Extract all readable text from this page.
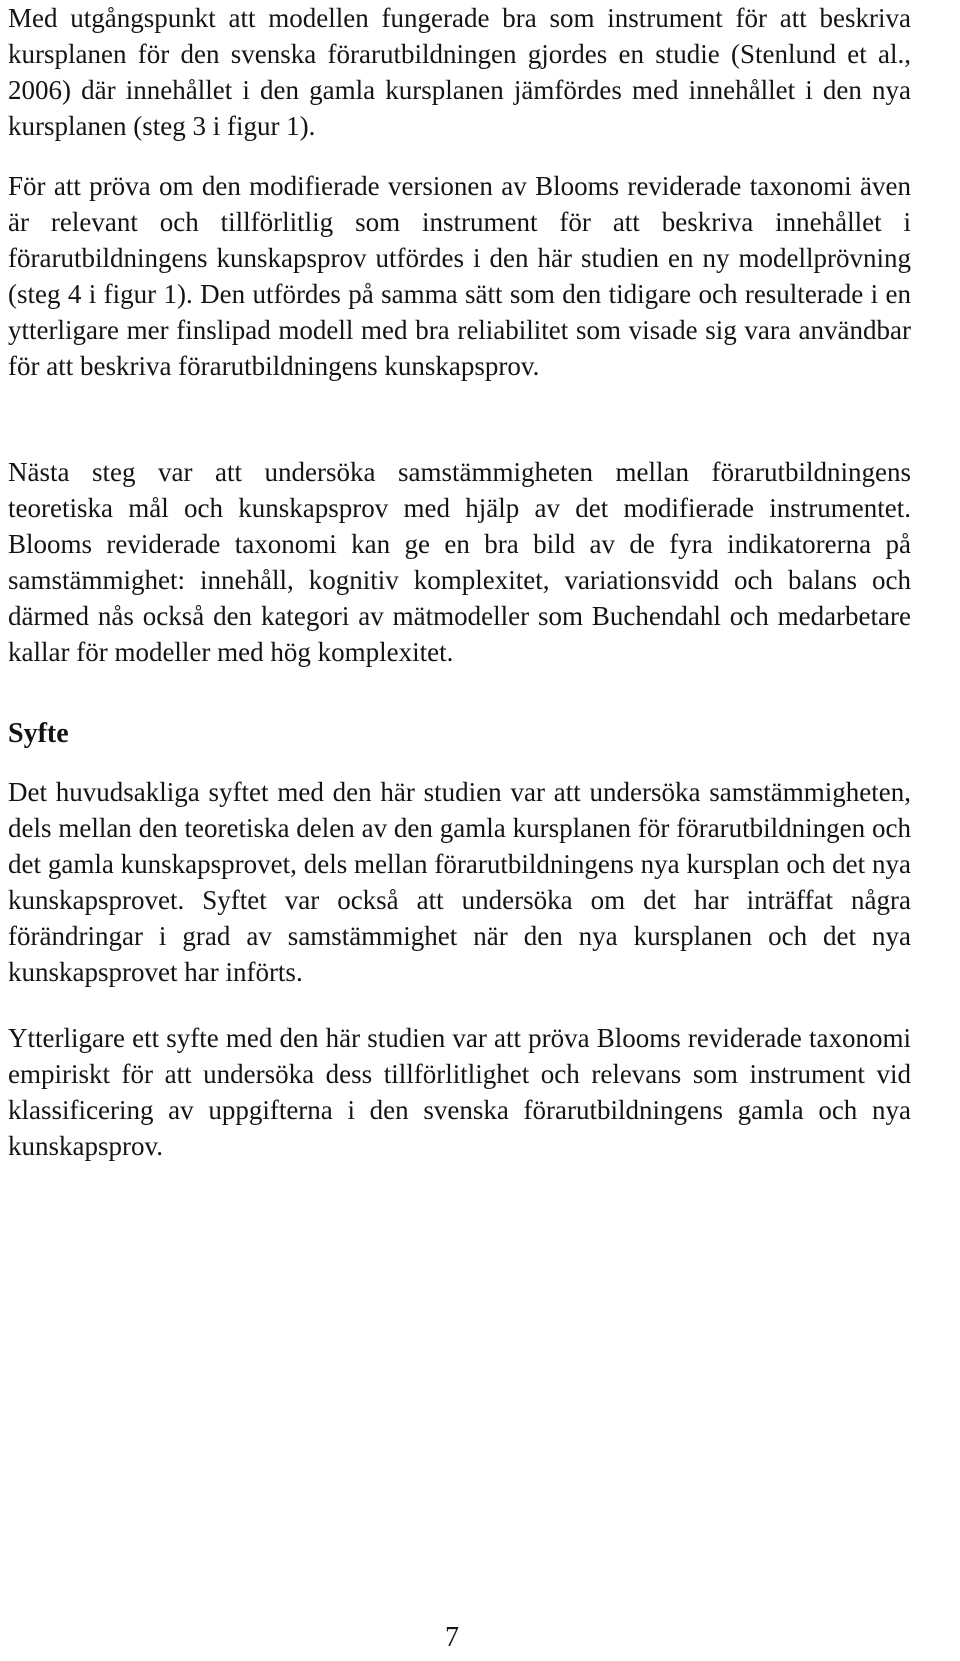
Med utgångspunkt att modellen fungerade bra som instrument för att beskriva kursplanen för den svenska förarutbildningen gjordes en studie (Stenlund et al., 2006) där innehållet i den gamla kursplanen jämfördes med innehållet i den nya kursplanen (steg 3 i figur 1).

För att pröva om den modifierade versionen av Blooms reviderade taxonomi även är relevant och tillförlitlig som instrument för att beskriva innehållet i förarutbildningens kunskapsprov utfördes i den här studien en ny modellprövning (steg 4 i figur 1). Den utfördes på samma sätt som den tidigare och resulterade i en ytterligare mer finslipad modell med bra reliabilitet som visade sig vara användbar för att beskriva förarutbildningens kunskapsprov.

Nästa steg var att undersöka samstämmigheten mellan förarutbildningens teoretiska mål och kunskapsprov med hjälp av det modifierade instrumentet. Blooms reviderade taxonomi kan ge en bra bild av de fyra indikatorerna på samstämmighet: innehåll, kognitiv komplexitet, variationsvidd och balans och därmed nås också den kategori av mätmodeller som Buchendahl och medarbetare kallar för modeller med hög komplexitet.

Syfte

Det huvudsakliga syftet med den här studien var att undersöka samstämmigheten, dels mellan den teoretiska delen av den gamla kursplanen för förarutbildningen och det gamla kunskapsprovet, dels mellan förarutbildningens nya kursplan och det nya kunskapsprovet. Syftet var också att undersöka om det har inträffat några förändringar i grad av samstämmighet när den nya kursplanen och det nya kunskapsprovet har införts.

Ytterligare ett syfte med den här studien var att pröva Blooms reviderade taxonomi empiriskt för att undersöka dess tillförlitlighet och relevans som instrument vid klassificering av uppgifterna i den svenska förarutbildningens gamla och nya kunskapsprov.

7
